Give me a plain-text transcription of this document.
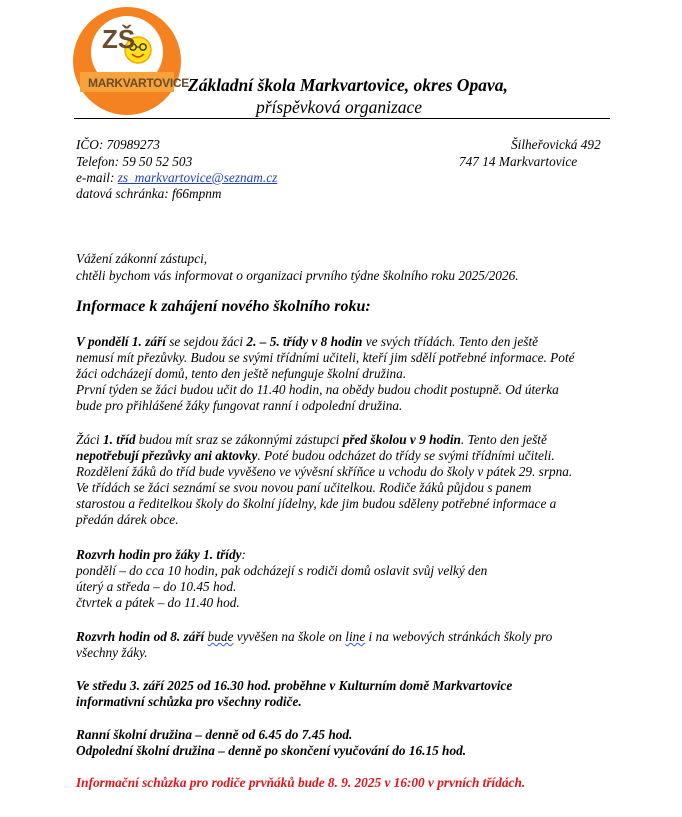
ZŠ
MARKVARTOVICE Základní škola Markvartovice, okres Opava,
příspěvková organizace
IČO: 70989273
Telefon: 59 50 52 503
e-mail: zs_markvartovice@seznam.cz
datová schránka: f66mpnm
Šilheřovická 492
747 14 Markvartovice
Vážení zákonní zástupci,
chtěli bychom vás informovat o organizaci prvního týdne školního roku 2025/2026.
Informace k zahájení nového školního roku:
V pondělí 1. září se sejdou žáci 2. – 5. třídy v 8 hodin ve svých třídách. Tento den ještě
nemusí mít přezůvky. Budou se svými třídními učiteli, kteří jim sdělí potřebné informace. Poté
žáci odcházejí domů, tento den ještě nefunguje školní družina.
První týden se žáci budou učit do 11.40 hodin, na obědy budou chodit postupně. Od úterka
bude pro přihlášené žáky fungovat ranní i odpolední družina.
Žáci 1. tříd budou mít sraz se zákonnými zástupci před školou v 9 hodin. Tento den ještě
nepotřebují přezůvky ani aktovky. Poté budou odcházet do třídy se svými třídními učiteli.
Rozdělení žáků do tříd bude vyvěšeno ve vývěsní skříňce u vchodu do školy v pátek 29. srpna.
Ve třídách se žáci seznámí se svou novou paní učitelkou. Rodiče žáků půjdou s panem
starostou a ředitelkou školy do školní jídelny, kde jim budou sděleny potřebné informace a
předán dárek obce.
Rozvrh hodin pro žáky 1. třídy:
pondělí – do cca 10 hodin, pak odcházejí s rodiči domů oslavit svůj velký den
úterý a středa – do 10.45 hod.
čtvrtek a pátek – do 11.40 hod.
Rozvrh hodin od 8. září bude vyvěšen na škole on line i na webových stránkách školy pro
všechny žáky.
Ve středu 3. září 2025 od 16.30 hod. proběhne v Kulturním domě Markvartovice
informativní schůzka pro všechny rodiče.
Ranní školní družina – denně od 6.45 do 7.45 hod.
Odpolední školní družina – denně po skončení vyučování do 16.15 hod.
Informační schůzka pro rodiče prvňáků bude 8. 9. 2025 v 16:00 v prvních třídách.
